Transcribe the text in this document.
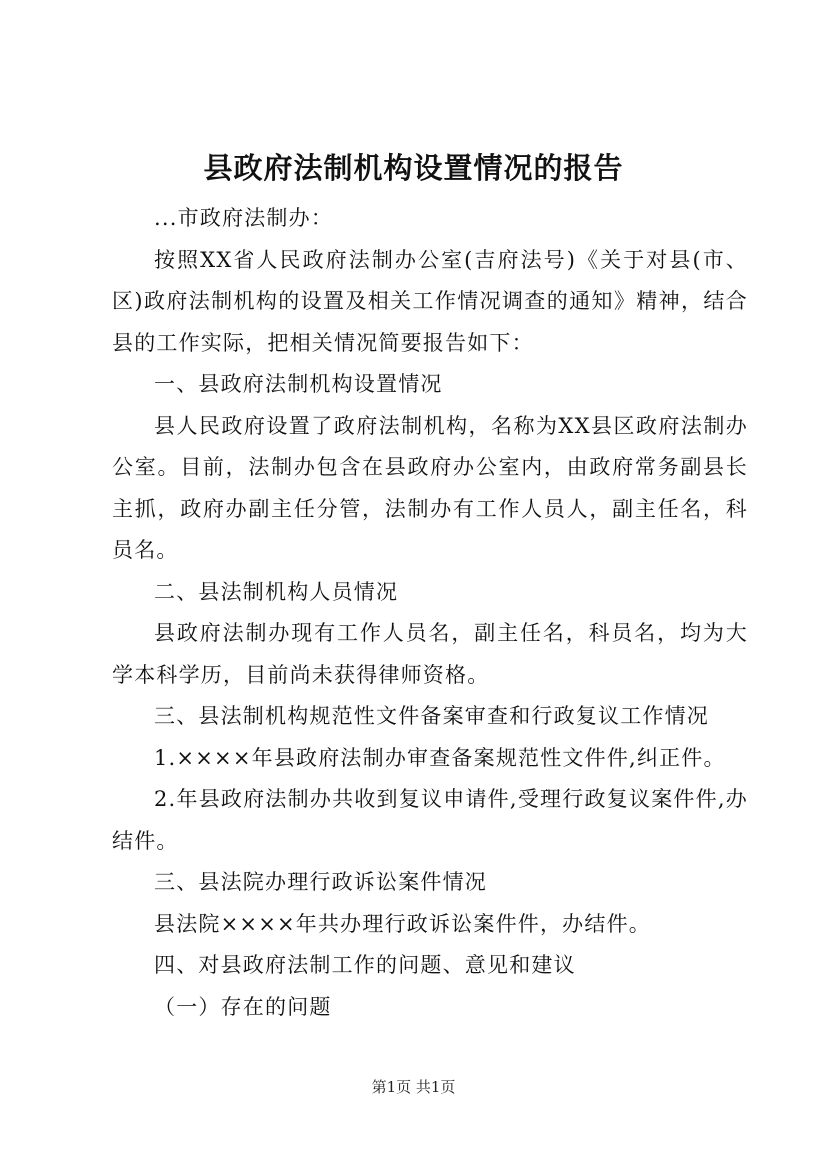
县政府法制机构设置情况的报告

...市政府法制办：

按照XX省人民政府法制办公室(吉府法号)《关于对县(市、区)政府法制机构的设置及相关工作情况调查的通知》精神，结合县的工作实际，把相关情况简要报告如下：

一、县政府法制机构设置情况

县人民政府设置了政府法制机构，名称为XX县区政府法制办公室。目前，法制办包含在县政府办公室内，由政府常务副县长主抓，政府办副主任分管，法制办有工作人员人，副主任名，科员名。

二、县法制机构人员情况

县政府法制办现有工作人员名，副主任名，科员名，均为大学本科学历，目前尚未获得律师资格。

三、县法制机构规范性文件备案审查和行政复议工作情况

1.××××年县政府法制办审查备案规范性文件件,纠正件。

2.年县政府法制办共收到复议申请件,受理行政复议案件件,办结件。

三、县法院办理行政诉讼案件情况

县法院××××年共办理行政诉讼案件件，办结件。

四、对县政府法制工作的问题、意见和建议

（一）存在的问题

第1页 共1页
